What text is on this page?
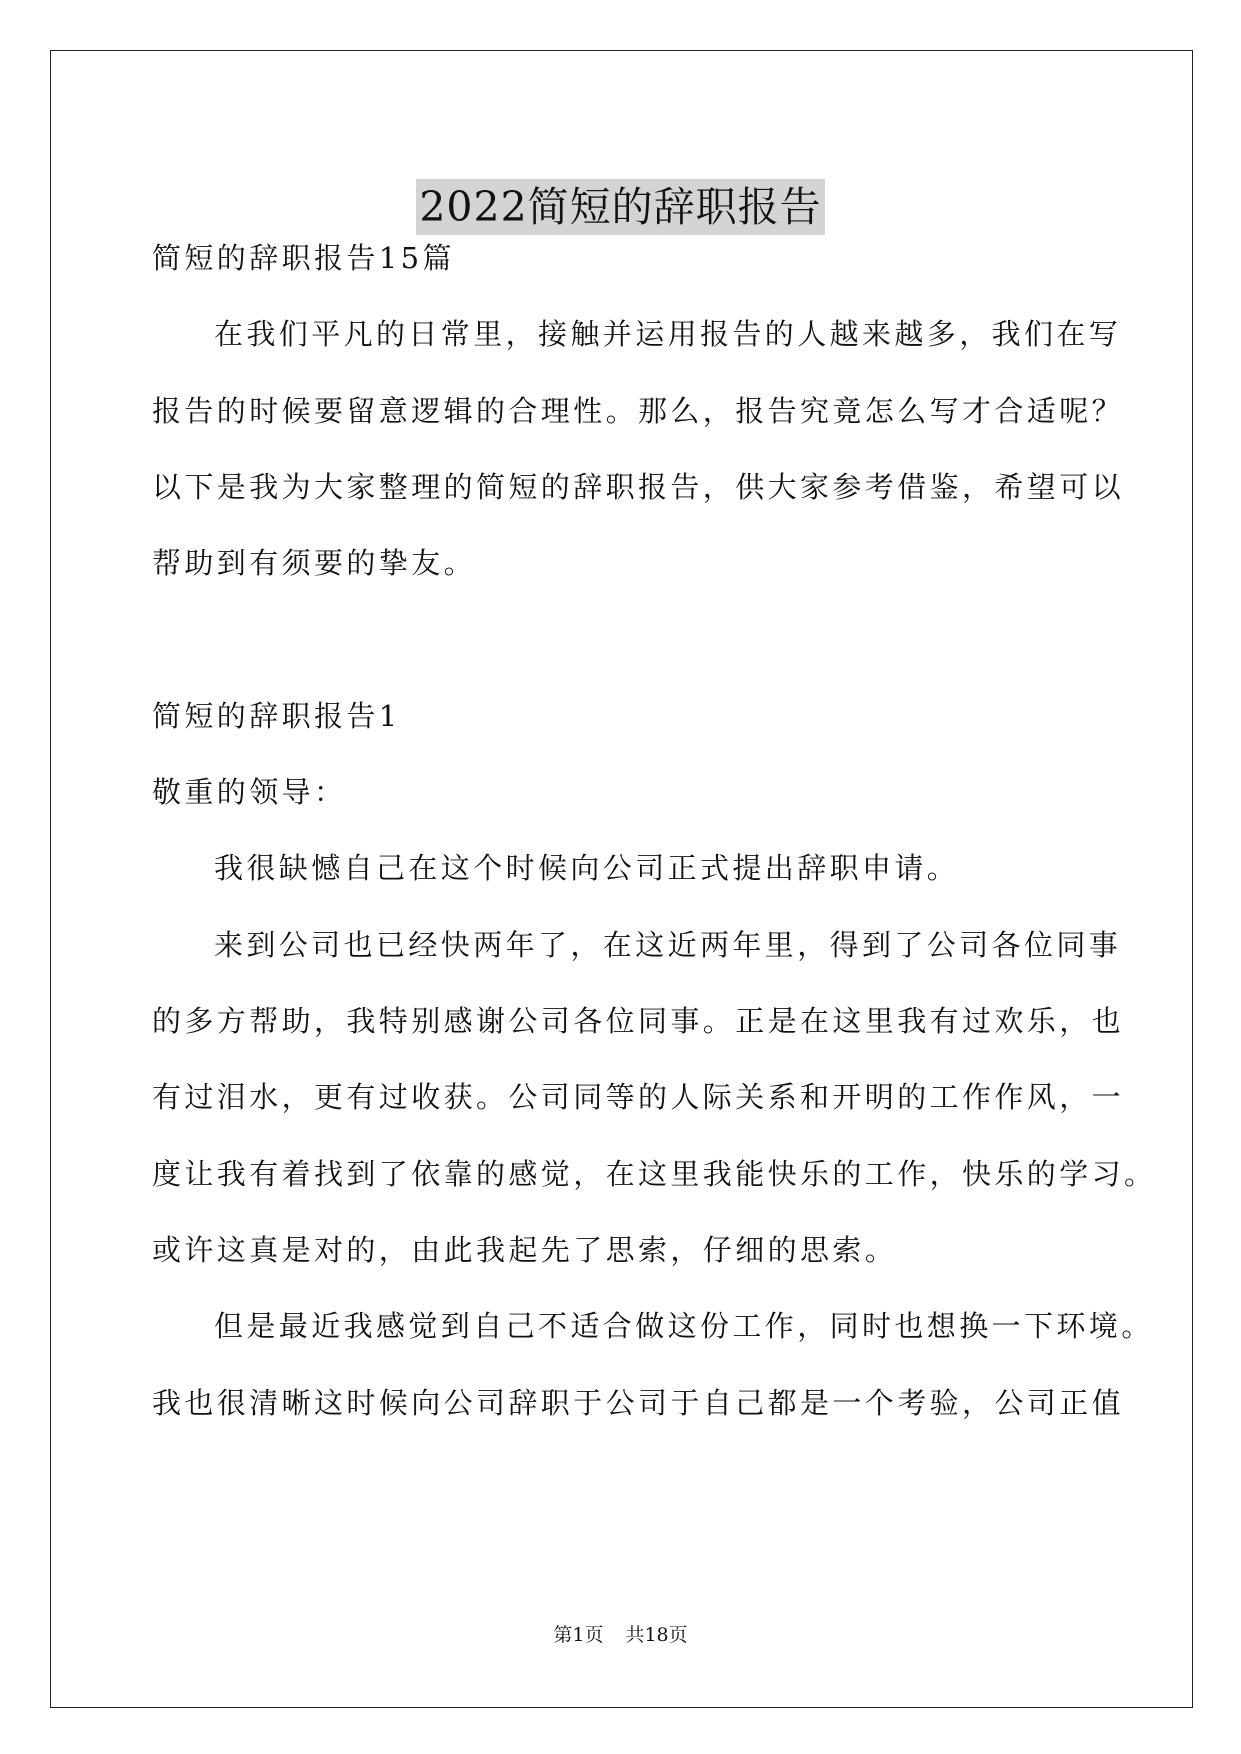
2022简短的辞职报告
简短的辞职报告15篇
在我们平凡的日常里，接触并运用报告的人越来越多，我们在写
报告的时候要留意逻辑的合理性。那么，报告究竟怎么写才合适呢？
以下是我为大家整理的简短的辞职报告，供大家参考借鉴，希望可以
帮助到有须要的挚友。
简短的辞职报告1
敬重的领导：
我很缺憾自己在这个时候向公司正式提出辞职申请。
来到公司也已经快两年了，在这近两年里，得到了公司各位同事
的多方帮助，我特别感谢公司各位同事。正是在这里我有过欢乐，也
有过泪水，更有过收获。公司同等的人际关系和开明的工作作风，一
度让我有着找到了依靠的感觉，在这里我能快乐的工作，快乐的学习。
或许这真是对的，由此我起先了思索，仔细的思索。
但是最近我感觉到自己不适合做这份工作，同时也想换一下环境。
我也很清晰这时候向公司辞职于公司于自己都是一个考验，公司正值
第1页 共18页
